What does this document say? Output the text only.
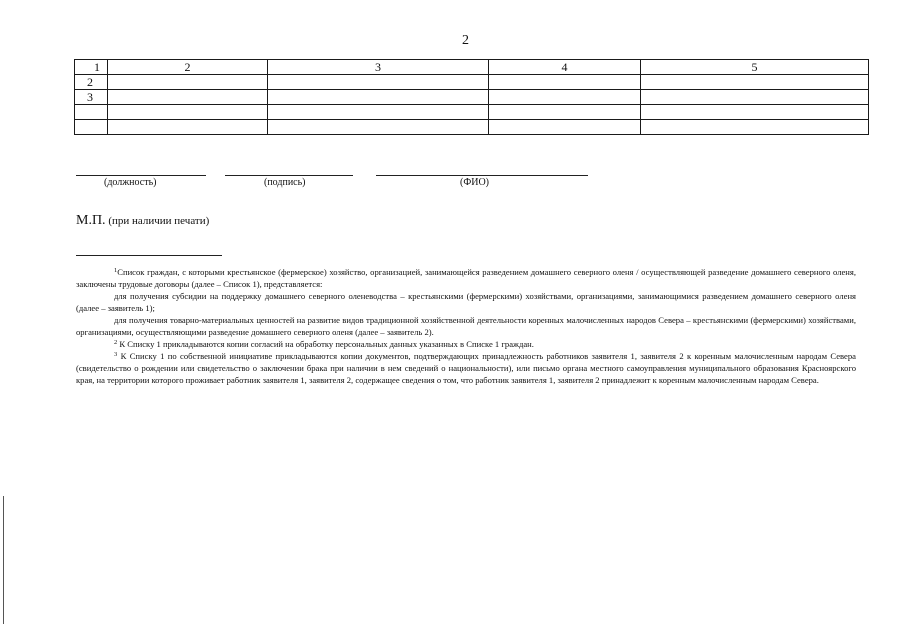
2
1	2	3	4	5
2				
3				

(должность)	(подпись)	(ФИО)
М.П. (при наличии печати)

$^1$Список граждан, с которыми крестьянское (фермерское) хозяйство, организацией, занимающейся разведением домашнего северного оленя / осуществляющей разведение домашнего северного оленя, заключены трудовые договоры (далее – Список 1), представляется:

для получения субсидии на поддержку домашнего северного оленеводства – крестьянскими (фермерскими) хозяйствами, организациями, занимающимися разведением домашнего северного оленя (далее – заявитель 1);

для получения товарно-материальных ценностей на развитие видов традиционной хозяйственной деятельности коренных малочисленных народов Севера – крестьянскими (фермерскими) хозяйствами, организациями, осуществляющими разведение домашнего северного оленя (далее – заявитель 2).

$^2$ К Списку 1 прикладываются копии согласий на обработку персональных данных указанных в Списке 1 граждан.

$^3$ К Списку 1 по собственной инициативе прикладываются копии документов, подтверждающих принадлежность работников заявителя 1, заявителя 2 к коренным малочисленным народам Севера (свидетельство о рождении или свидетельство о заключении брака при наличии в нем сведений о национальности), или письмо органа местного самоуправления муниципального образования Красноярского края, на территории которого проживает работник заявителя 1, заявителя 2, содержащее сведения о том, что работник заявителя 1, заявителя 2 принадлежит к коренным малочисленным народам Севера.
